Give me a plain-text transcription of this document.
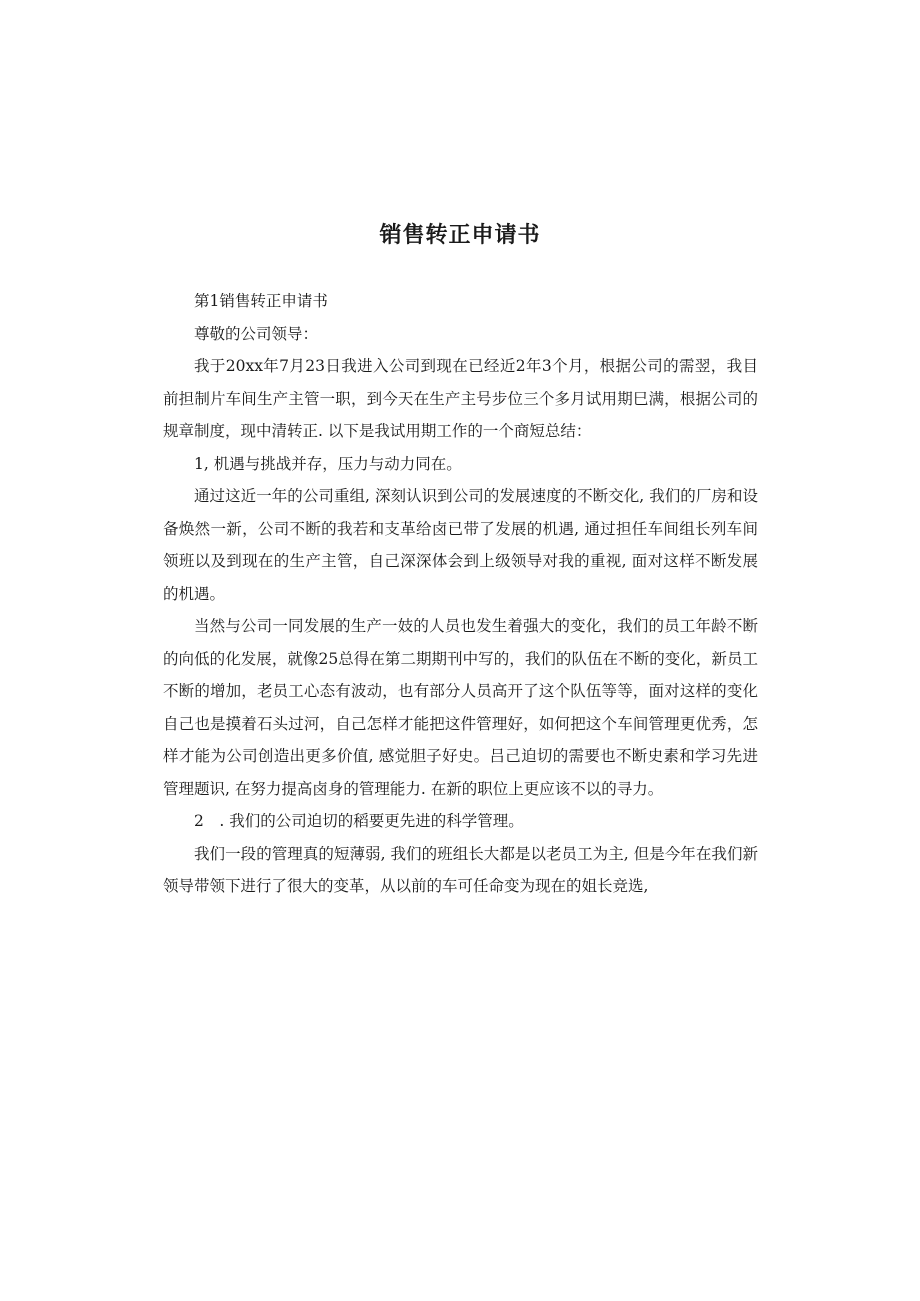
销售转正申请书

第1销售转正申请书

尊敬的公司领导：

我于20xx年7月23日我进入公司到现在已经近2年3个月，根据公司的需翌，我目前担制片车间生产主管一职，到今天在生产主号步位三个多月试用期巳满，根据公司的规章制度，现中清转正. 以下是我试用期工作的一个商短总结：

1, 机遇与挑战并存，压力与动力同在。

通过这近一年的公司重组, 深刻认识到公司的发展速度的不断交化, 我们的厂房和设备焕然一新，公司不断的我若和支革给卤已带了发展的机遇, 通过担任车间组长列车间领班以及到现在的生产主管，自己深深体会到上级领导对我的重视, 面对这样不断发展的机遇。

当然与公司一同发展的生产一妓的人员也发生着强大的变化，我们的员工年龄不断的向低的化发展，就像25总得在第二期期刊中写的，我们的队伍在不断的变化，新员工不断的增加，老员工心态有波动，也有部分人员高开了这个队伍等等，面对这样的变化自己也是摸着石头过河，自己怎样才能把这件管理好，如何把这个车间管理更优秀，怎样才能为公司创造出更多价值, 感觉胆子好史。吕己迫切的需要也不断史素和学习先进管理题识, 在努力提高卤身的管理能力. 在新的职位上更应该不以的寻力。

2　. 我们的公司迫切的稻要更先进的科学管理。

我们一段的管理真的短薄弱, 我们的班组长大都是以老员工为主, 但是今年在我们新领导带领下进行了很大的变革，从以前的车可任命变为现在的姐长竞选,
